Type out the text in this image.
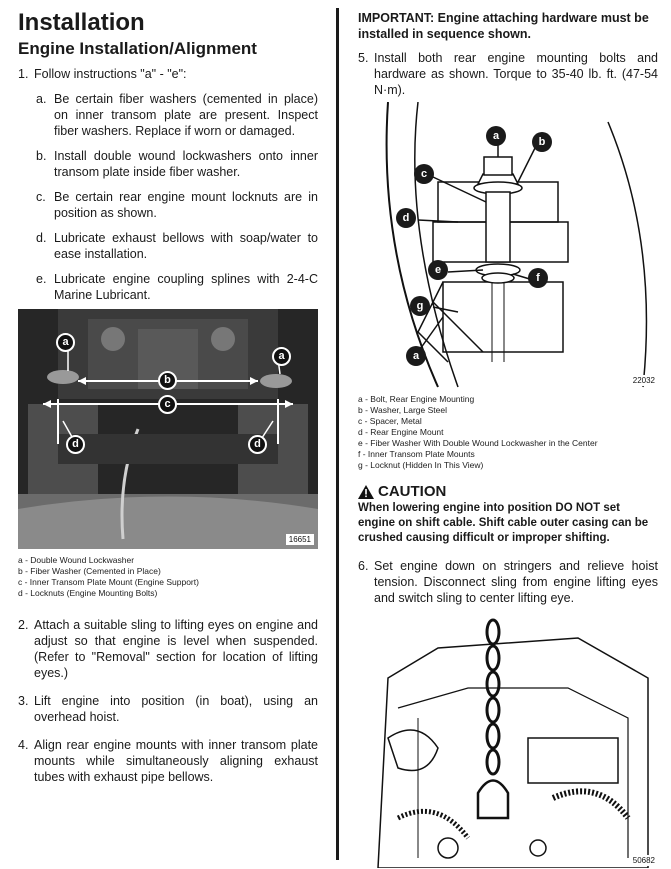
Installation
Engine Installation/Alignment
1. Follow instructions "a" - "e":
a. Be certain fiber washers (cemented in place) on inner transom plate are present. Inspect fiber washers. Replace if worn or damaged.
b. Install double wound lockwashers onto inner transom plate inside fiber washer.
c. Be certain rear engine mount locknuts are in position as shown.
d. Lubricate exhaust bellows with soap/water to ease installation.
e. Lubricate engine coupling splines with 2-4-C Marine Lubricant.
a
a
b
c
d	d
16651
a - Double Wound Lockwasher
b - Fiber Washer (Cemented in Place)
c - Inner Transom Plate Mount (Engine Support)
d - Locknuts (Engine Mounting Bolts)
2. Attach a suitable sling to lifting eyes on engine and adjust so that engine is level when suspended. (Refer to "Removal" section for location of lifting eyes.)
3. Lift engine into position (in boat), using an overhead hoist.
4. Align rear engine mounts with inner transom plate mounts while simultaneously aligning exhaust tubes with exhaust pipe bellows.
IMPORTANT: Engine attaching hardware must be installed in sequence shown.
5. Install both rear engine mounting bolts and hardware as shown. Torque to 35-40 lb. ft. (47-54 N·m).
a	b
c
d
e
f
g
a
22032
a - Bolt, Rear Engine Mounting
b - Washer, Large Steel
c - Spacer, Metal
d - Rear Engine Mount
e - Fiber Washer With Double Wound Lockwasher in the Center
f - Inner Transom Plate Mounts
g - Locknut (Hidden In This View)
CAUTION
When lowering engine into position DO NOT set engine on shift cable. Shift cable outer casing can be crushed causing difficult or improper shifting.
6. Set engine down on stringers and relieve hoist tension. Disconnect sling from engine lifting eyes and switch sling to center lifting eye.
50682
